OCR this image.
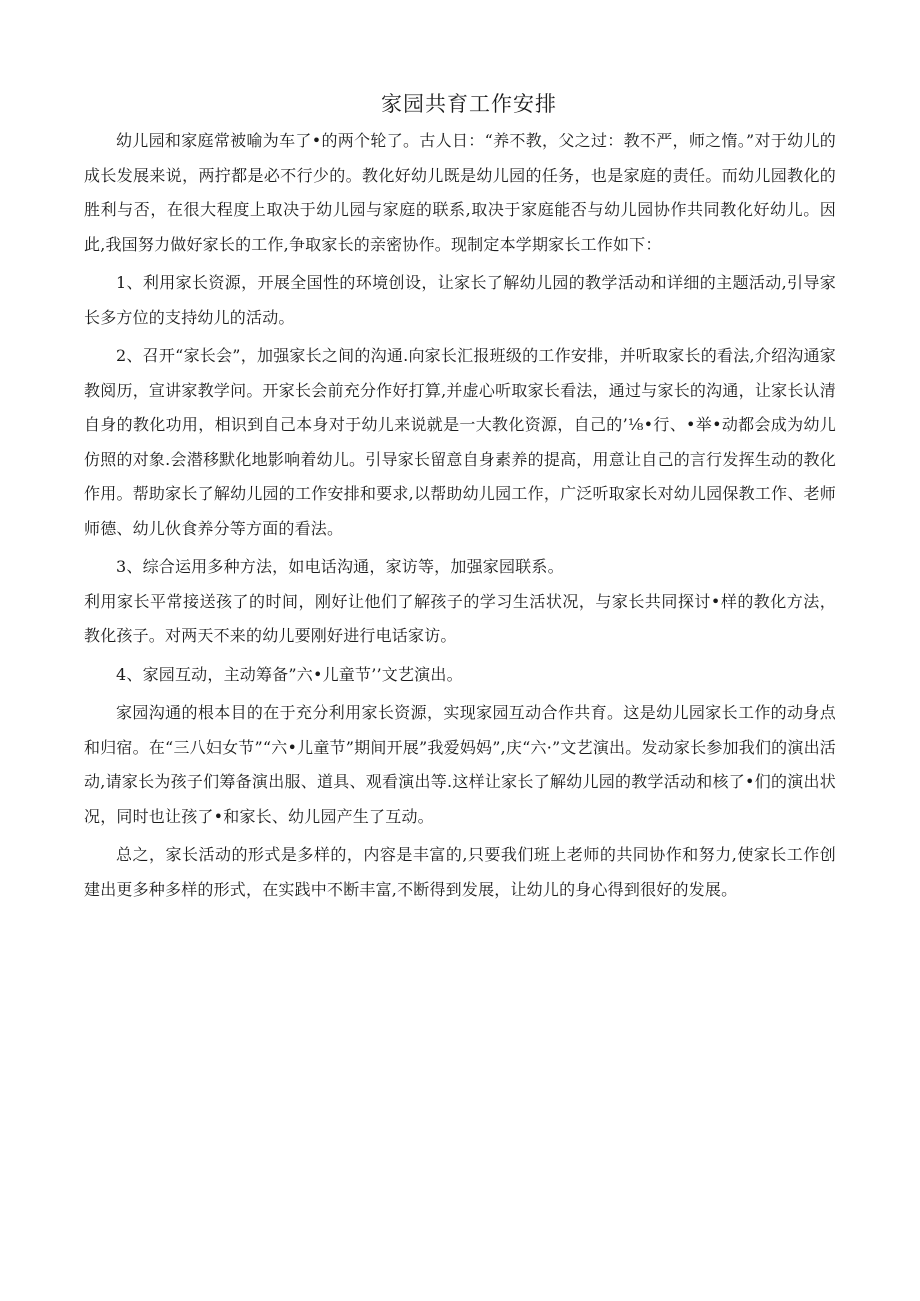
家园共育工作安排

幼儿园和家庭常被喻为车了•的两个轮了。古人日：“养不教，父之过：教不严，师之惰。”对于幼儿的成长发展来说，两拧都是必不行少的。教化好幼儿既是幼儿园的任务，也是家庭的责任。而幼儿园教化的胜利与否，在很大程度上取决于幼儿园与家庭的联系,取决于家庭能否与幼儿园协作共同教化好幼儿。因此,我国努力做好家长的工作,争取家长的亲密协作。现制定本学期家长工作如下：

1、利用家长资源，开展全国性的环境创设，让家长了解幼儿园的教学活动和详细的主题活动,引导家长多方位的支持幼儿的活动。

2、召开“家长会”，加强家长之间的沟通.向家长汇报班级的工作安排，并听取家长的看法,介绍沟通家教阅历，宣讲家教学问。开家长会前充分作好打算,并虚心听取家长看法，通过与家长的沟通，让家长认清自身的教化功用，相识到自己本身对于幼儿来说就是一大教化资源，自己的’⅛•行、•举•动都会成为幼儿仿照的对象.会潜移默化地影响着幼儿。引导家长留意自身素养的提高，用意让自己的言行发挥生动的教化作用。帮助家长了解幼儿园的工作安排和要求,以帮助幼儿园工作，广泛听取家长对幼儿园保教工作、老师师德、幼儿伙食养分等方面的看法。

3、综合运用多种方法，如电话沟通，家访等，加强家园联系。

利用家长平常接送孩了的时间，刚好让他们了解孩子的学习生活状况，与家长共同探讨•样的教化方法，教化孩子。对两天不来的幼儿要刚好进行电话家访。

4、家园互动，主动筹备”六•儿童节’’文艺演出。

家园沟通的根本目的在于充分利用家长资源，实现家园互动合作共育。这是幼儿园家长工作的动身点和归宿。在“三八妇女节”“六•儿童节”期间开展”我爱妈妈”,庆“六·”文艺演出。发动家长参加我们的演出活动,请家长为孩子们筹备演出服、道具、观看演出等.这样让家长了解幼儿园的教学活动和核了•们的演出状况，同时也让孩了•和家长、幼儿园产生了互动。

总之，家长活动的形式是多样的，内容是丰富的,只要我们班上老师的共同协作和努力,使家长工作创建出更多种多样的形式，在实践中不断丰富,不断得到发展，让幼儿的身心得到很好的发展。
